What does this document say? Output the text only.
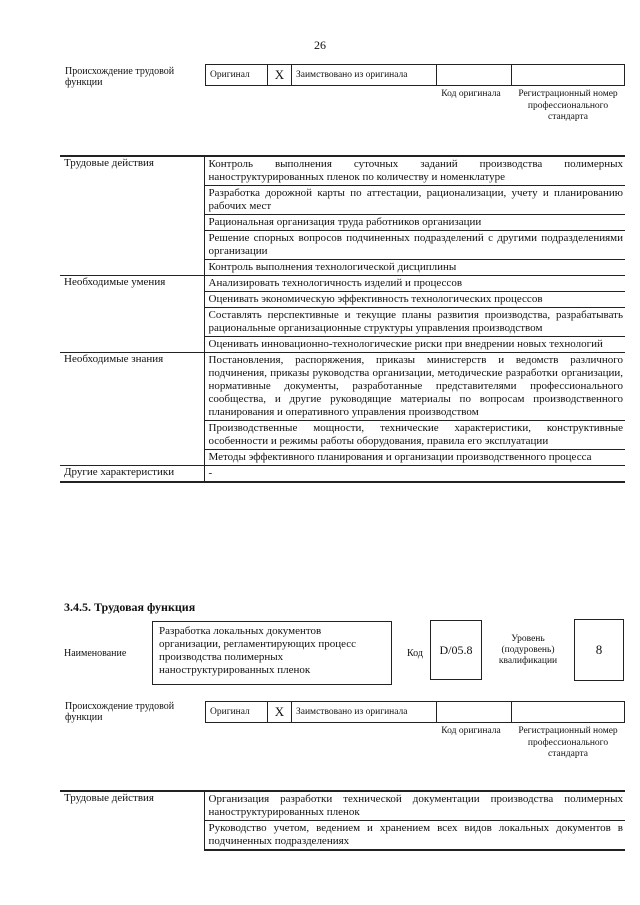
26
Происхождение трудовой функции
Оригинал	X	Заимствовано из оригинала
Код оригинала	Регистрационный номер профессионального стандарта
Трудовые действия	Контроль выполнения суточных заданий производства полимерных наноструктурированных пленок по количеству и номенклатуре
	Разработка дорожной карты по аттестации, рационализации, учету и планированию рабочих мест
	Рациональная организация труда работников организации
	Решение спорных вопросов подчиненных подразделений с другими подразделениями организации
	Контроль выполнения технологической дисциплины
Необходимые умения	Анализировать технологичность изделий и процессов
	Оценивать экономическую эффективность технологических процессов
	Составлять перспективные и текущие планы развития производства, разрабатывать рациональные организационные структуры управления производством
	Оценивать инновационно-технологические риски при внедрении новых технологий
Необходимые знания	Постановления, распоряжения, приказы министерств и ведомств различного подчинения, приказы руководства организации, методические разработки организации, нормативные документы, разработанные представителями профессионального сообщества, и другие руководящие материалы по вопросам производственного планирования и оперативного управления производством
	Производственные мощности, технические характеристики, конструктивные особенности и режимы работы оборудования, правила его эксплуатации
	Методы эффективного планирования и организации производственного процесса
Другие характеристики	-
3.4.5. Трудовая функция
Наименование
Разработка локальных документов организации, регламентирующих процесс производства полимерных наноструктурированных пленок
Код	D/05.8
Уровень (подуровень) квалификации
8
Происхождение трудовой функции	Оригинал	X	Заимствовано из оригинала
Код оригинала	Регистрационный номер профессионального стандарта
Трудовые действия	Организация разработки технической документации производства полимерных наноструктурированных пленок
Руководство учетом, ведением и хранением всех видов локальных документов в подчиненных подразделениях
